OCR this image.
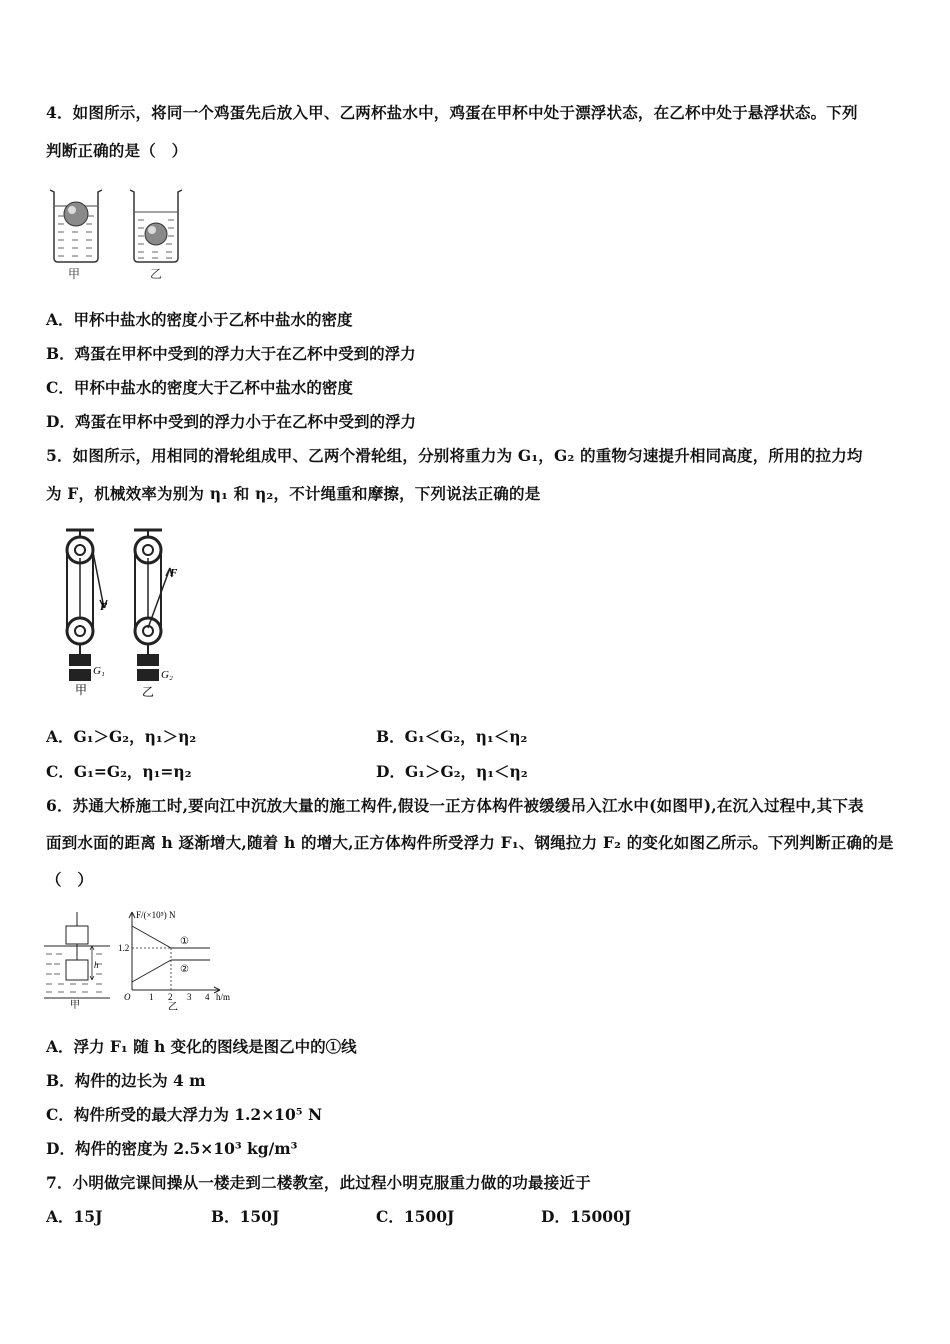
4．如图所示，将同一个鸡蛋先后放入甲、乙两杯盐水中，鸡蛋在甲杯中处于漂浮状态，在乙杯中处于悬浮状态。下列
判断正确的是（　）
甲	乙
A．甲杯中盐水的密度小于乙杯中盐水的密度
B．鸡蛋在甲杯中受到的浮力大于在乙杯中受到的浮力
C．甲杯中盐水的密度大于乙杯中盐水的密度
D．鸡蛋在甲杯中受到的浮力小于在乙杯中受到的浮力
5．如图所示，用相同的滑轮组成甲、乙两个滑轮组，分别将重力为 G₁，G₂ 的重物匀速提升相同高度，所用的拉力均
为 F，机械效率为别为 η₁ 和 η₂，不计绳重和摩擦，下列说法正确的是
F
G₁
甲
F
G₂
乙
A．G₁＞G₂，η₁＞η₂	B．G₁＜G₂，η₁＜η₂
C．G₁=G₂，η₁=η₂	D．G₁＞G₂，η₁＜η₂
6．苏通大桥施工时,要向江中沉放大量的施工构件,假设一正方体构件被缓缓吊入江水中(如图甲),在沉入过程中,其下表
面到水面的距离 h 逐渐增大,随着 h 的增大,正方体构件所受浮力 F₁、钢绳拉力 F₂ 的变化如图乙所示。下列判断正确的是
（　）
h
甲
F/(×10⁵) N
1.2
①
②
O 1 2 3 4 h/m
乙
A．浮力 F₁ 随 h 变化的图线是图乙中的①线
B．构件的边长为 4 m
C．构件所受的最大浮力为 1.2×10⁵ N
D．构件的密度为 2.5×10³ kg/m³
7．小明做完课间操从一楼走到二楼教室，此过程小明克服重力做的功最接近于
A．15J	B．150J	C．1500J	D．15000J
